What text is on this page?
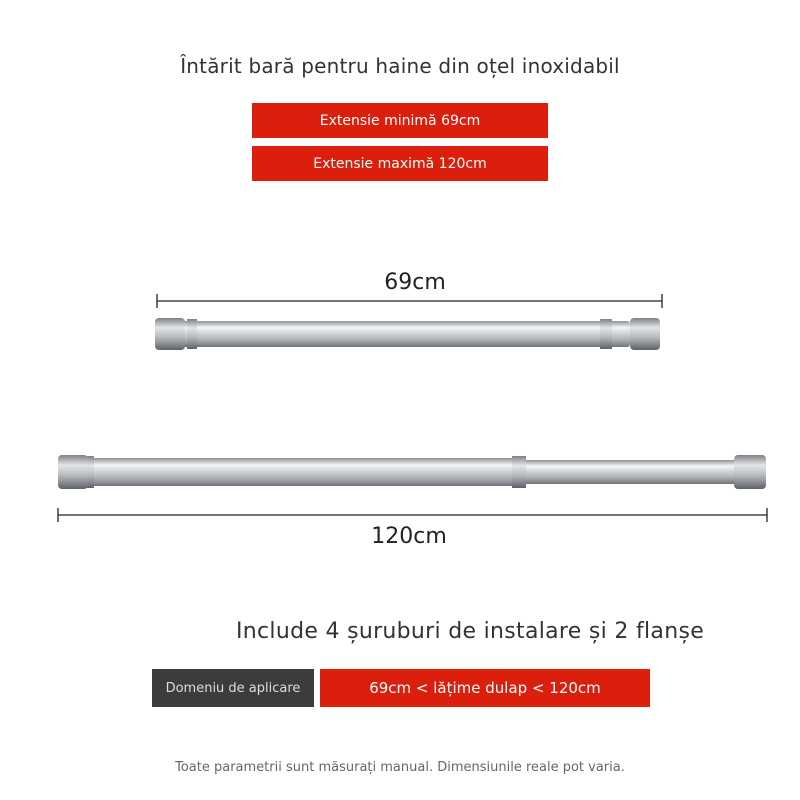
Întărit bară pentru haine din oțel inoxidabil
Extensie minimă 69cm
Extensie maximă 120cm
69cm
120cm
Include 4 șuruburi de instalare și 2 flanșe
Domeniu de aplicare	69cm < lățime dulap < 120cm
Toate parametrii sunt măsurați manual. Dimensiunile reale pot varia.
